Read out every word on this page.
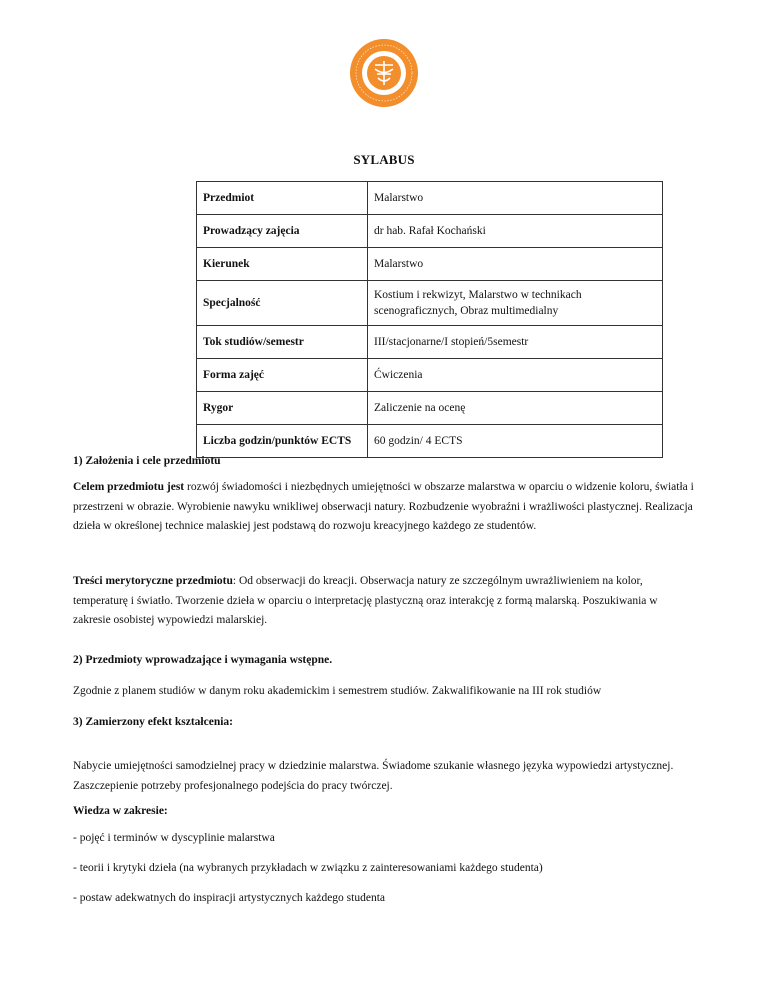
SYLABUS
Przedmiot	Malarstwo
Prowadzący zajęcia	dr hab. Rafał Kochański
Kierunek	Malarstwo
Specjalność	Kostium i rekwizyt, Malarstwo w technikach scenograficznych, Obraz multimedialny
Tok studiów/semestr	III/stacjonarne/I stopień/5semestr
Forma zajęć	Ćwiczenia
Rygor	Zaliczenie na ocenę
Liczba godzin/punktów ECTS	60 godzin/ 4 ECTS
1) Założenia i cele przedmiotu
Celem przedmiotu jest rozwój świadomości i niezbędnych umiejętności w obszarze malarstwa w oparciu o widzenie koloru, światła i przestrzeni w obrazie. Wyrobienie nawyku wnikliwej obserwacji natury. Rozbudzenie wyobraźni i wrażliwości plastycznej. Realizacja dzieła w określonej technice malaskiej jest podstawą do rozwoju kreacyjnego każdego ze studentów.
Treści merytoryczne przedmiotu: Od obserwacji do kreacji. Obserwacja natury ze szczególnym uwrażliwieniem na kolor, temperaturę i światło. Tworzenie dzieła w oparciu o interpretację plastyczną oraz interakcję z formą malarską. Poszukiwania w zakresie osobistej wypowiedzi malarskiej.
2) Przedmioty wprowadzające i wymagania wstępne.
Zgodnie z planem studiów w danym roku akademickim i semestrem studiów. Zakwalifikowanie na III rok studiów
3) Zamierzony efekt kształcenia:
Nabycie umiejętności samodzielnej pracy w dziedzinie malarstwa. Świadome szukanie własnego języka wypowiedzi artystycznej. Zaszczepienie potrzeby profesjonalnego podejścia do pracy twórczej.
Wiedza w zakresie:
- pojęć i terminów w dyscyplinie malarstwa
- teorii i krytyki dzieła (na wybranych przykładach w związku z zainteresowaniami każdego studenta)
- postaw adekwatnych do inspiracji artystycznych każdego studenta
